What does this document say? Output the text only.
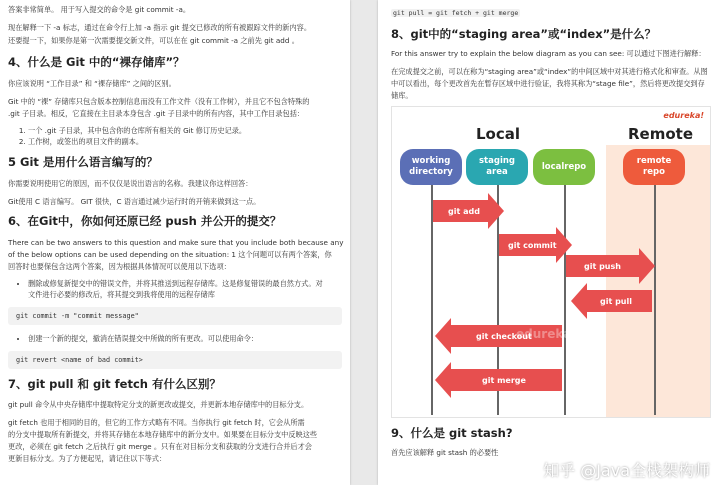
答案非常简单。 用于写入提交的命令是 git commit -a。

现在解释一下 -a 标志，通过在命令行上加 -a 指示 git 提交已修改的所有被跟踪文件的新内容。

还要提一下，如果你是第一次需要提交新文件，可以在在 git commit -a 之前先 git add 。

4、什么是 Git 中的“裸存储库”？

你应该说明 “工作目录” 和 “裸存储库” 之间的区别。

Git 中的 “裸” 存储库只包含版本控制信息而没有工作文件（没有工作树），并且它不包含特殊的

.git 子目录。相反，它直接在主目录本身包含 .git 子目录中的所有内容，其中工作目录包括：

1. 一个 .git 子目录，其中包含你的仓库所有相关的 Git 修订历史记录。
2. 工作树，或签出的项目文件的副本。
5 Git 是用什么语言编写的？

你需要说明使用它的原因，而不仅仅是说出语言的名称。我建议你这样回答：

Git使用 C 语言编写。 GIT 很快，C 语言通过减少运行时的开销来做到这一点。

6、在Git中，你如何还原已经 push 并公开的提交？

There can be two answers to this question and make sure that you include both because any

of the below options can be used depending on the situation: 1 这个问题可以有两个答案，你

回答时也要保包含这两个答案，因为根据具体情况可以使用以下选项：

• 删除或修复新提交中的错误文件，并将其推送到远程存储库。这是修复错误的最自然方式。对
文件进行必要的修改后，将其提交到我将使用的远程存储库
git commit -m "commit message"
• 创建一个新的提交，撤消在错误提交中所做的所有更改。可以使用命令：
git revert <name of bad commit>
7、git pull 和 git fetch 有什么区别？

git pull 命令从中央存储库中提取特定分支的新更改或提交，并更新本地存储库中的目标分支。

git fetch 也用于相同的目的，但它的工作方式略有不同。当你执行 git fetch 时，它会从所需

的分支中提取所有新提交，并将其存储在本地存储库中的新分支中。如果要在目标分支中反映这些

更改，必须在 git fetch 之后执行 git merge 。只有在对目标分支和获取的分支进行合并后才会

更新目标分支。为了方便起见，请记住以下等式：

git pull = git fetch + git merge
8、git中的“staging area”或“index”是什么？

For this answer try to explain the below diagram as you can see: 可以通过下图进行解释：

在完成提交之前，可以在称为“staging area”或“index”的中间区域中对其进行格式化和审查。从图

中可以看出，每个更改首先在暂存区域中进行验证，我将其称为“stage file”，然后将更改提交到存

储库。

edureka!
Local	Remote
working
directory
staging
area	localrepo
remote
repo
git add
git commit
git push
git pull
git checkout
git merge
edureka!
9、什么是 git stash?

首先应该解释 git stash 的必要性

知乎 @Java全栈架构师
